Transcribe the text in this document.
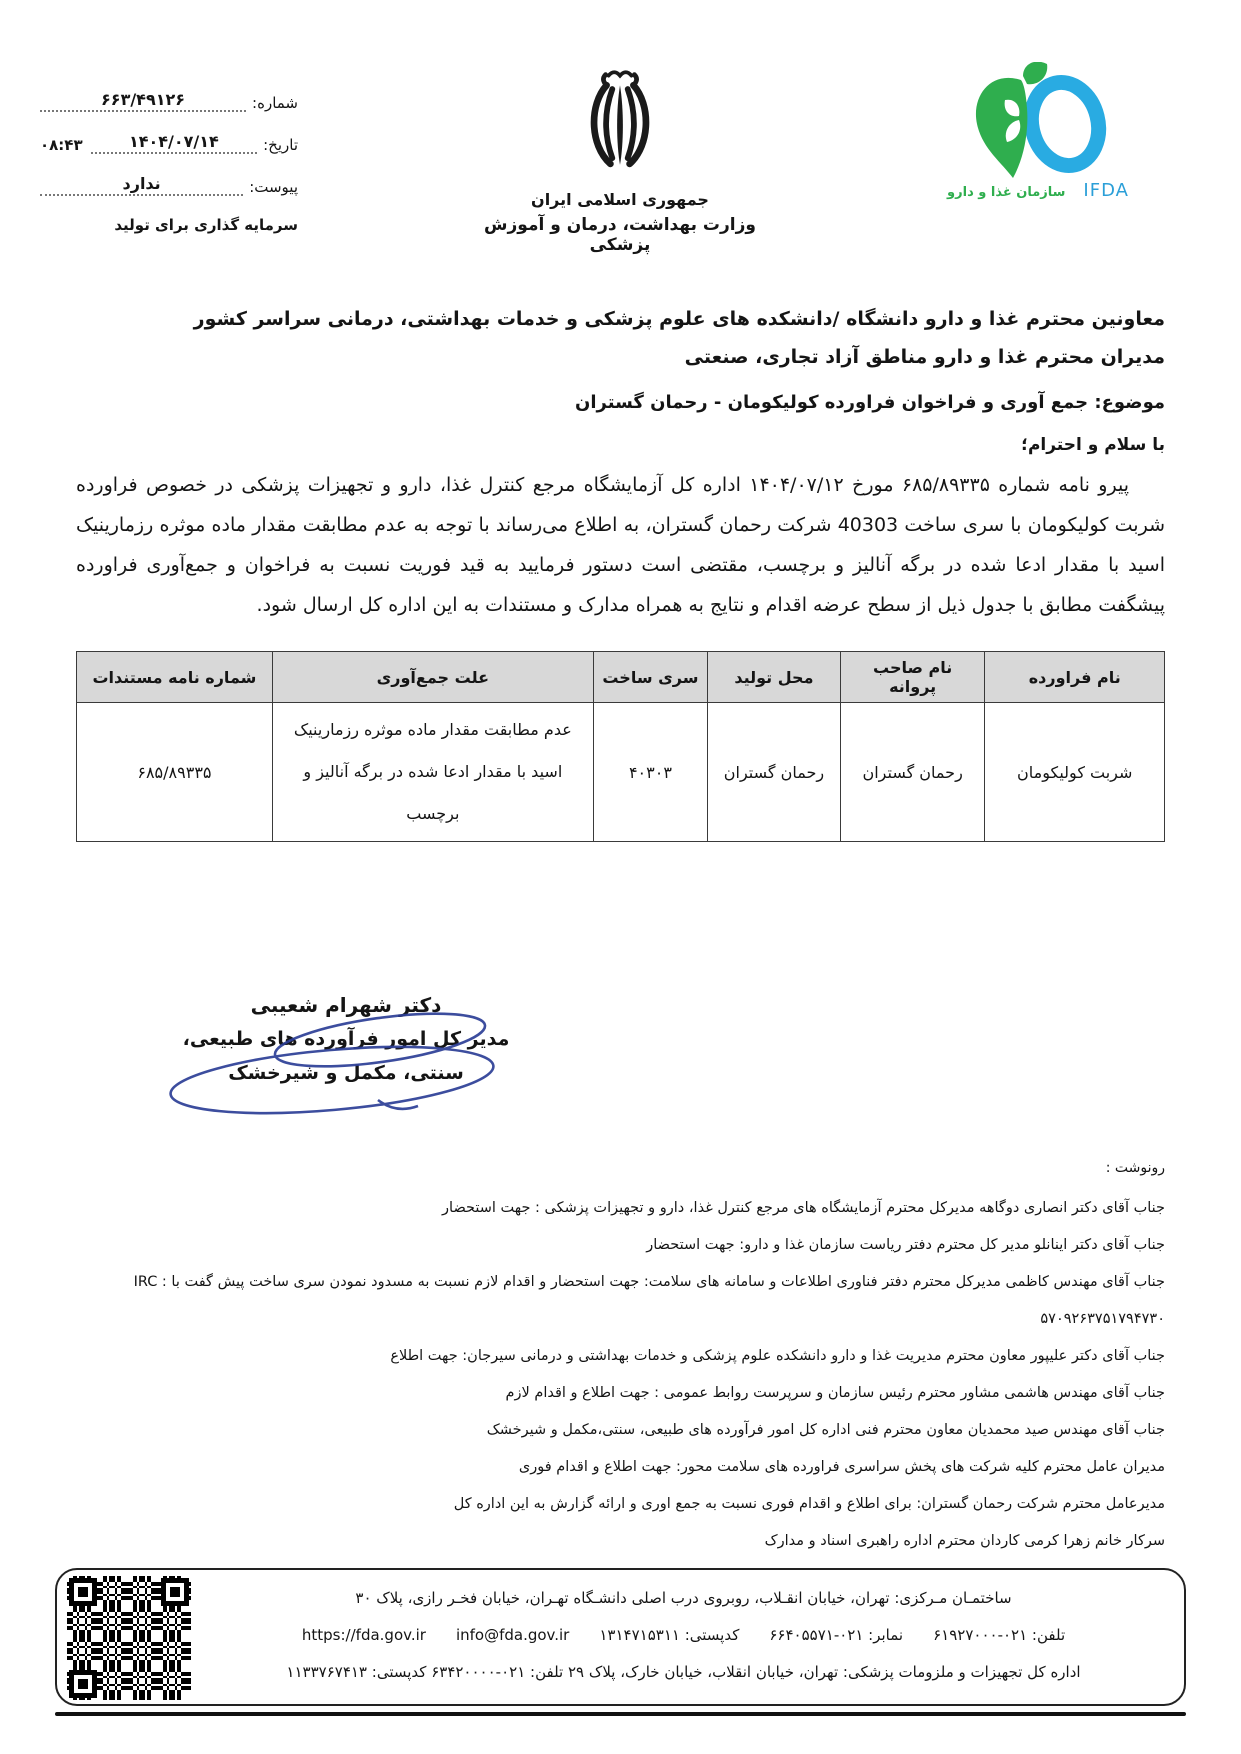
شماره:
۶۶۳/۴۹۱۲۶
تاریخ:
۱۴۰۴/۰۷/۱۴
۰۸:۴۳
پیوست:
ندارد
سرمایه گذاری برای تولید
جمهوری اسلامی ایران
وزارت بهداشت، درمان و آموزش پزشکی
سازمان غذا و دارو IFDA
معاونین محترم غذا و دارو دانشگاه /دانشکده های علوم پزشکی و خدمات بهداشتی، درمانی سراسر کشور
مدیران محترم غذا و دارو مناطق آزاد تجاری، صنعتی
موضوع: جمع آوری و فراخوان فراورده کولیکومان - رحمان گستران
با سلام و احترام؛

پیرو نامه شماره ۶۸۵/۸۹۳۳۵ مورخ ۱۴۰۴/۰۷/۱۲ اداره کل آزمایشگاه مرجع کنترل غذا، دارو و تجهیزات پزشکی در خصوص فراورده شربت کولیکومان با سری ساخت 40303 شرکت رحمان گستران، به اطلاع می‌رساند با توجه به عدم مطابقت مقدار ماده موثره رزمارینیک اسید با مقدار ادعا شده در برگه آنالیز و برچسب، مقتضی است دستور فرمایید به قید فوریت نسبت به فراخوان و جمع‌آوری فراورده پیشگفت مطابق با جدول ذیل از سطح عرضه اقدام و نتایج به همراه مدارک و مستندات به این اداره کل ارسال شود.

نام فراورده	نام صاحب پروانه	محل تولید	سری ساخت	علت جمع‌آوری	شماره نامه مستندات
شربت کولیکومان	رحمان گستران	رحمان گستران	۴۰۳۰۳	عدم مطابقت مقدار ماده موثره رزمارینیک اسید با مقدار ادعا شده در برگه آنالیز و برچسب	۶۸۵/۸۹۳۳۵
دکتر شهرام شعیبی
مدیر کل امور فرآورده های طبیعی،
سنتی، مکمل و شیرخشک
رونوشت :
جناب آقای دکتر انصاری دوگاهه مدیرکل محترم آزمایشگاه های مرجع کنترل غذا، دارو و تجهیزات پزشکی : جهت استحضار
جناب آقای دکتر اینانلو مدیر کل محترم دفتر ریاست سازمان غذا و دارو: جهت استحضار
جناب آقای مهندس کاظمی مدیرکل محترم دفتر فناوری اطلاعات و سامانه های سلامت: جهت استحضار و اقدام لازم نسبت به مسدود نمودن سری ساخت پیش گفت با IRC : ۵۷۰۹۲۶۳۷۵۱۷۹۴۷۳۰
جناب آقای دکتر علیپور معاون محترم مدیریت غذا و دارو دانشکده علوم پزشکی و خدمات بهداشتی و درمانی سیرجان: جهت اطلاع
جناب آقای مهندس هاشمی مشاور محترم رئیس سازمان و سرپرست روابط عمومی : جهت اطلاع و اقدام لازم
جناب آقای مهندس صید محمدیان معاون محترم فنی اداره کل امور فرآورده های طبیعی، سنتی،مکمل و شیرخشک
مدیران عامل محترم کلیه شرکت های پخش سراسری فراورده های سلامت محور: جهت اطلاع و اقدام فوری
مدیرعامل محترم شرکت رحمان گستران: برای اطلاع و اقدام فوری نسبت به جمع اوری و ارائه گزارش به این اداره کل
سرکار خانم زهرا کرمی کاردان محترم اداره راهبری اسناد و مدارک
ساختمـان مـرکزی: تهران، خیابان انقـلاب، روبروی درب اصلی دانشـگاه تهـران، خیابان فخـر رازی، پلاک ۳۰
تلفن: ۰۲۱-۶۱۹۲۷۰۰۰
نمابر: ۰۲۱-۶۶۴۰۵۵۷۱
کدپستی: ۱۳۱۴۷۱۵۳۱۱
info@fda.gov.ir
https://fda.gov.ir
اداره کل تجهیزات و ملزومات پزشکی: تهران، خیابان انقلاب، خیابان خارک، پلاک ۲۹ تلفن: ۰۲۱-۶۳۴۲۰۰۰۰ کدپستی: ۱۱۳۳۷۶۷۴۱۳
